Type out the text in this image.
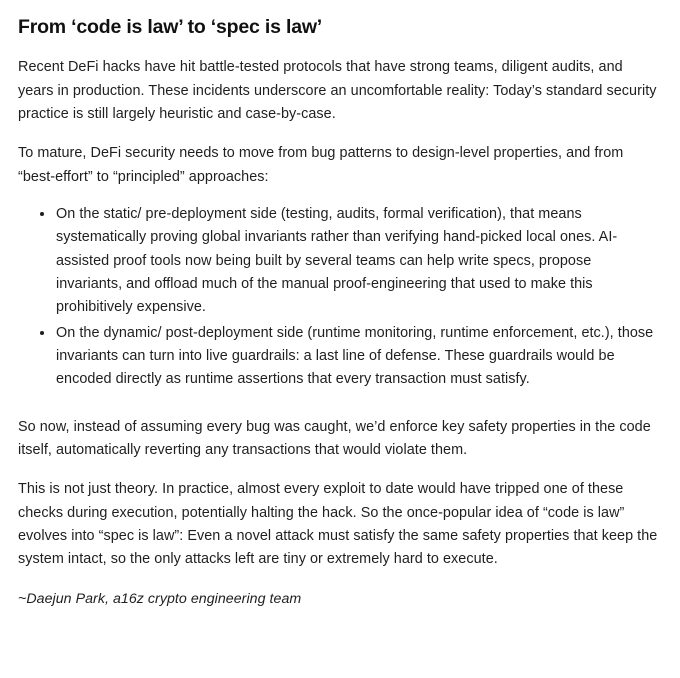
From ‘code is law’ to ‘spec is law’

Recent DeFi hacks have hit battle-tested protocols that have strong teams, diligent audits, and years in production. These incidents underscore an uncomfortable reality: Today’s standard security practice is still largely heuristic and case-by-case.

To mature, DeFi security needs to move from bug patterns to design-level properties, and from “best-effort” to “principled” approaches:

On the static/ pre-deployment side (testing, audits, formal verification), that means systematically proving global invariants rather than verifying hand-picked local ones. AI-assisted proof tools now being built by several teams can help write specs, propose invariants, and offload much of the manual proof-engineering that used to make this prohibitively expensive.
On the dynamic/ post-deployment side (runtime monitoring, runtime enforcement, etc.), those invariants can turn into live guardrails: a last line of defense. These guardrails would be encoded directly as runtime assertions that every transaction must satisfy.

So now, instead of assuming every bug was caught, we’d enforce key safety properties in the code itself, automatically reverting any transactions that would violate them.

This is not just theory. In practice, almost every exploit to date would have tripped one of these checks during execution, potentially halting the hack. So the once-popular idea of “code is law” evolves into “spec is law”: Even a novel attack must satisfy the same safety properties that keep the system intact, so the only attacks left are tiny or extremely hard to execute.

~Daejun Park, a16z crypto engineering team
